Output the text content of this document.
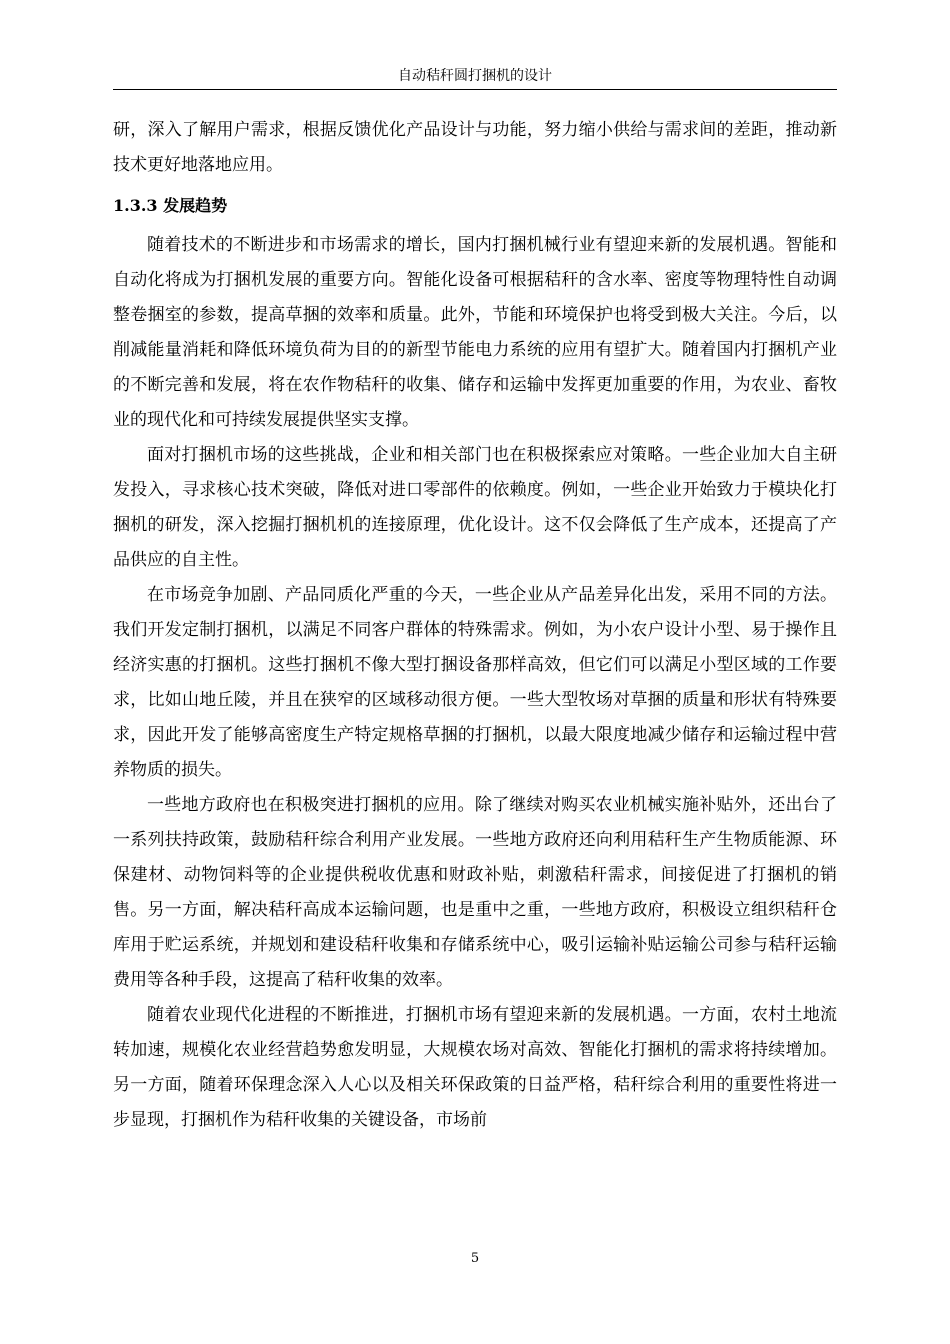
自动秸秆圆打捆机的设计

研，深入了解用户需求，根据反馈优化产品设计与功能，努力缩小供给与需求间的差距，推动新技术更好地落地应用。

1.3.3 发展趋势

随着技术的不断进步和市场需求的增长，国内打捆机械行业有望迎来新的发展机遇。智能和自动化将成为打捆机发展的重要方向。智能化设备可根据秸秆的含水率、密度等物理特性自动调整卷捆室的参数，提高草捆的效率和质量。此外，节能和环境保护也将受到极大关注。今后，以削减能量消耗和降低环境负荷为目的的新型节能电力系统的应用有望扩大。随着国内打捆机产业的不断完善和发展，将在农作物秸秆的收集、储存和运输中发挥更加重要的作用，为农业、畜牧业的现代化和可持续发展提供坚实支撑。

面对打捆机市场的这些挑战，企业和相关部门也在积极探索应对策略。一些企业加大自主研发投入，寻求核心技术突破，降低对进口零部件的依赖度。例如，一些企业开始致力于模块化打捆机的研发，深入挖掘打捆机机的连接原理，优化设计。这不仅会降低了生产成本，还提高了产品供应的自主性。

在市场竞争加剧、产品同质化严重的今天，一些企业从产品差异化出发，采用不同的方法。我们开发定制打捆机，以满足不同客户群体的特殊需求。例如，为小农户设计小型、易于操作且经济实惠的打捆机。这些打捆机不像大型打捆设备那样高效，但它们可以满足小型区域的工作要求，比如山地丘陵，并且在狭窄的区域移动很方便。一些大型牧场对草捆的质量和形状有特殊要求，因此开发了能够高密度生产特定规格草捆的打捆机，以最大限度地减少储存和运输过程中营养物质的损失。

一些地方政府也在积极突进打捆机的应用。除了继续对购买农业机械实施补贴外，还出台了一系列扶持政策，鼓励秸秆综合利用产业发展。一些地方政府还向利用秸秆生产生物质能源、环保建材、动物饲料等的企业提供税收优惠和财政补贴，刺激秸秆需求，间接促进了打捆机的销售。另一方面，解决秸秆高成本运输问题，也是重中之重，一些地方政府，积极设立组织秸秆仓库用于贮运系统，并规划和建设秸秆收集和存储系统中心，吸引运输补贴运输公司参与秸秆运输费用等各种手段，这提高了秸秆收集的效率。

随着农业现代化进程的不断推进，打捆机市场有望迎来新的发展机遇。一方面，农村土地流转加速，规模化农业经营趋势愈发明显，大规模农场对高效、智能化打捆机的需求将持续增加。另一方面，随着环保理念深入人心以及相关环保政策的日益严格，秸秆综合利用的重要性将进一步显现，打捆机作为秸秆收集的关键设备，市场前

5
